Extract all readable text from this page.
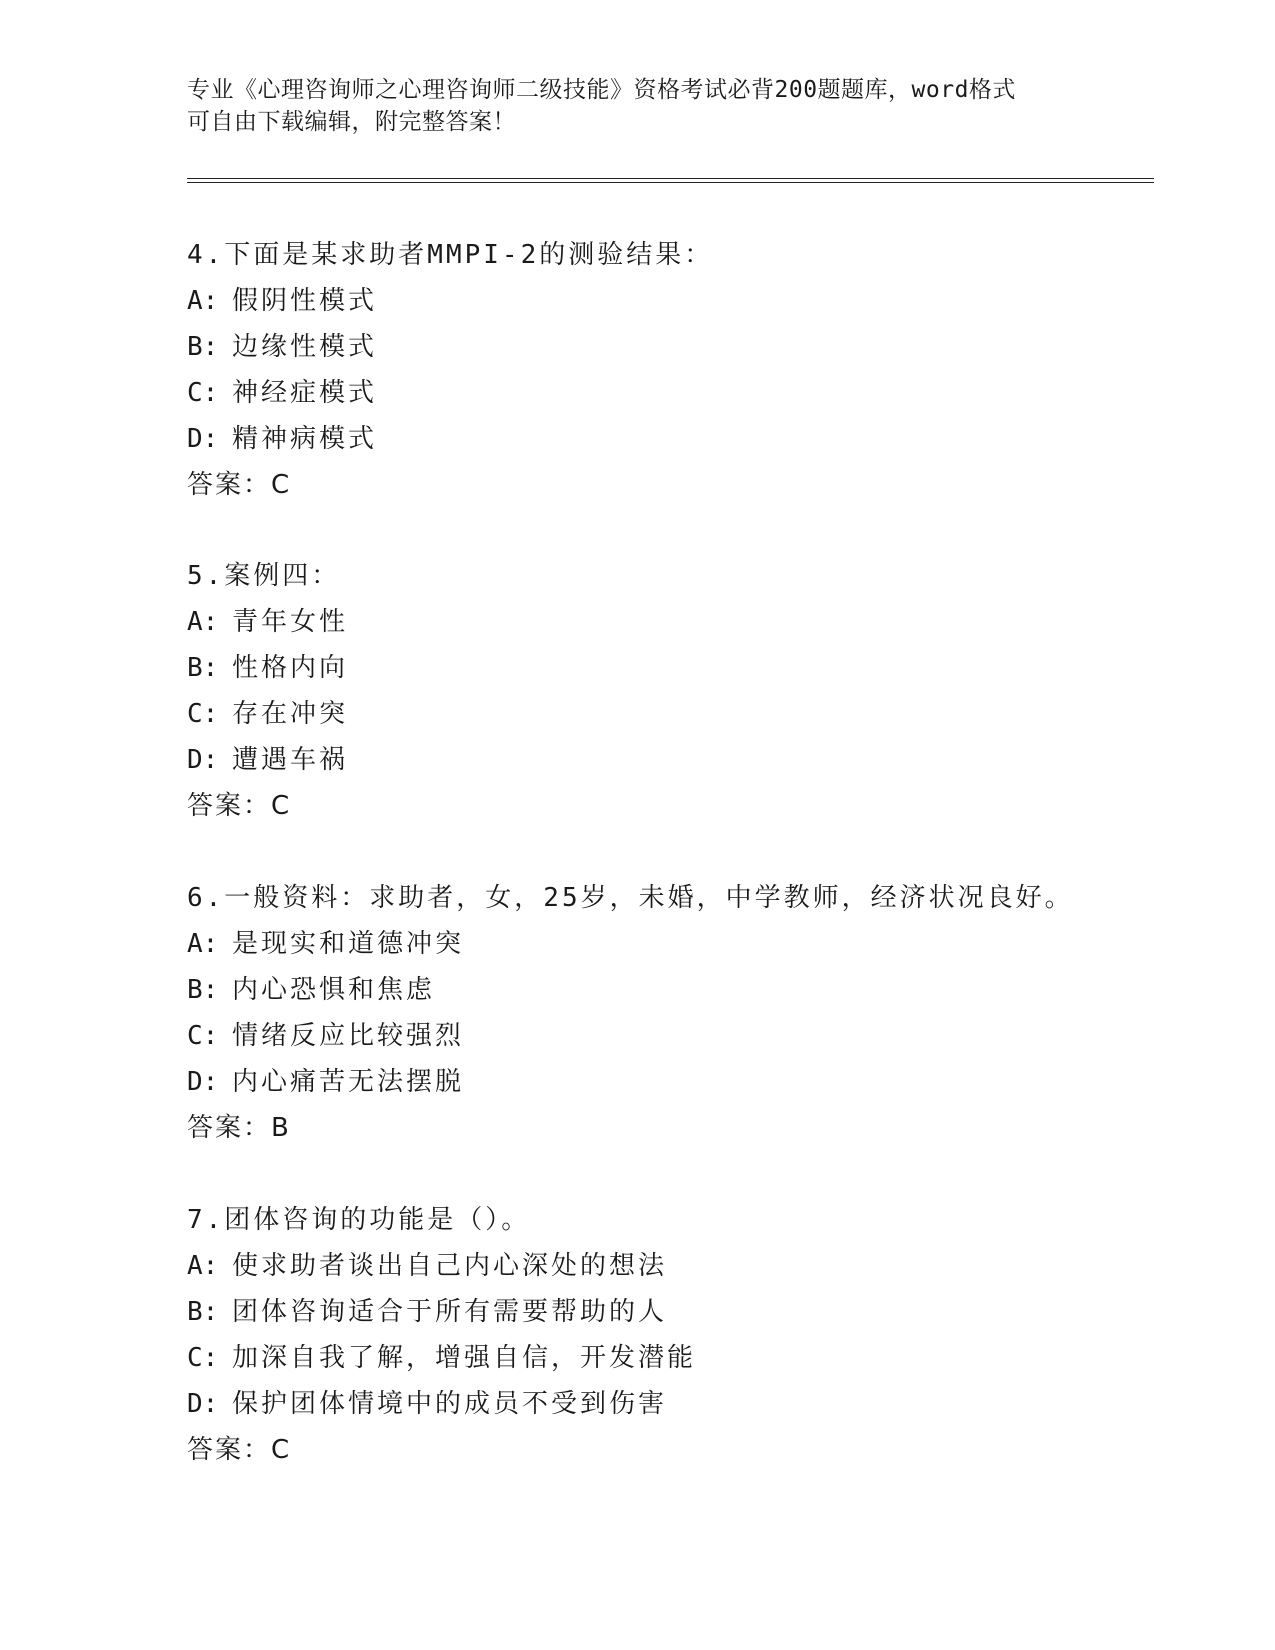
专业《心理咨询师之心理咨询师二级技能》资格考试必背200题题库，word格式
可自由下载编辑，附完整答案！
4.下面是某求助者MMPI-2的测验结果：
A: 假阴性模式
B: 边缘性模式
C: 神经症模式
D: 精神病模式
答案：C
5.案例四：
A: 青年女性
B: 性格内向
C: 存在冲突
D: 遭遇车祸
答案：C
6.一般资料：求助者，女，25岁，未婚，中学教师，经济状况良好。
A: 是现实和道德冲突
B: 内心恐惧和焦虑
C: 情绪反应比较强烈
D: 内心痛苦无法摆脱
答案：B
7.团体咨询的功能是（）。
A: 使求助者谈出自己内心深处的想法
B: 团体咨询适合于所有需要帮助的人
C: 加深自我了解，增强自信，开发潜能
D: 保护团体情境中的成员不受到伤害
答案：C
